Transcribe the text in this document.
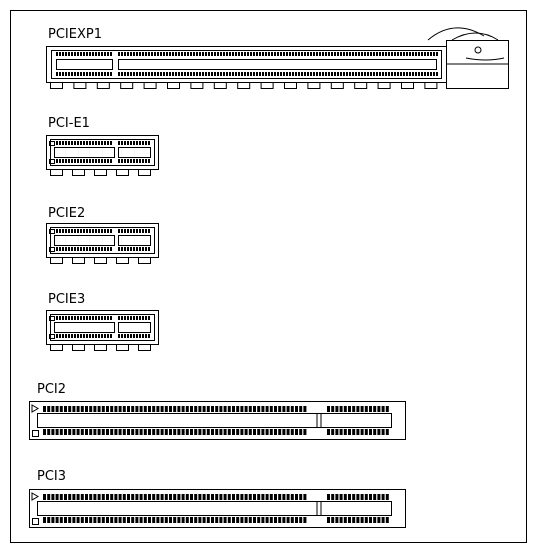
PCIEXP1
PCI-E1
PCIE2
PCIE3
PCI2
PCI3
